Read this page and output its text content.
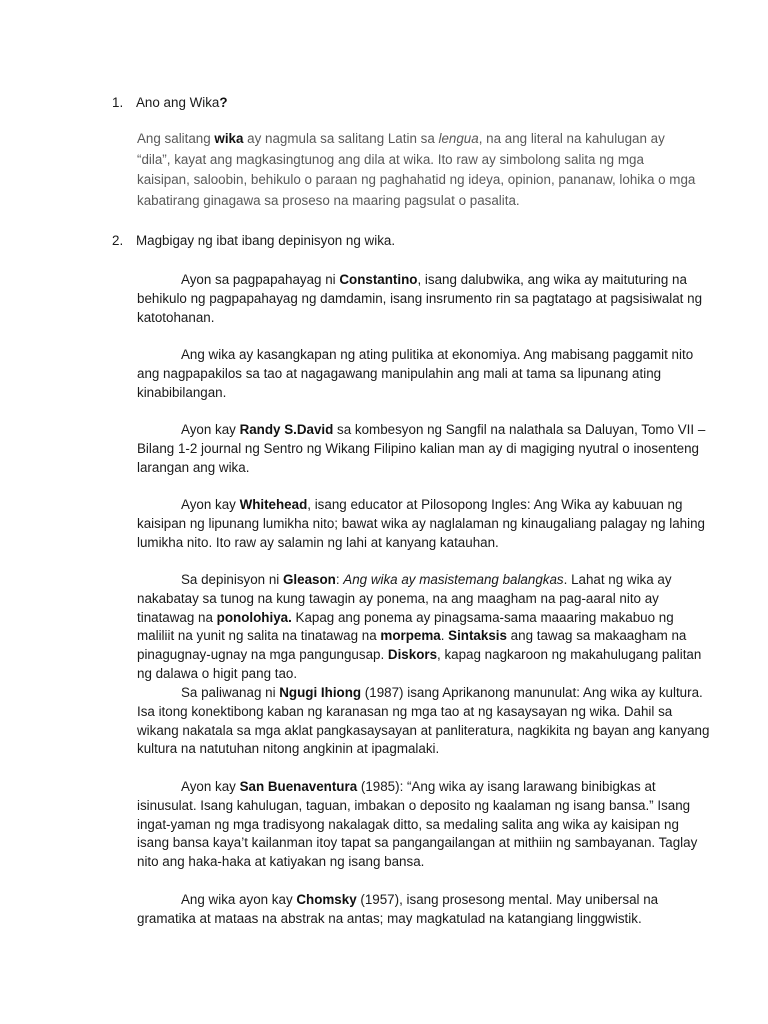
1. Ano ang Wika?
Ang salitang wika ay nagmula sa salitang Latin sa lengua, na ang literal na kahulugan ay “dila”, kayat ang magkasingtunog ang dila at wika. Ito raw ay simbolong salita ng mga kaisipan, saloobin, behikulo o paraan ng paghahatid ng ideya, opinion, pananaw, lohika o mga kabatirang ginagawa sa proseso na maaring pagsulat o pasalita.
2. Magbigay ng ibat ibang depinisyon ng wika.
Ayon sa pagpapahayag ni Constantino, isang dalubwika, ang wika ay maituturing na behikulo ng pagpapahayag ng damdamin, isang insrumento rin sa pagtatago at pagsisiwalat ng katotohanan.
Ang wika ay kasangkapan ng ating pulitika at ekonomiya. Ang mabisang paggamit nito ang nagpapakilos sa tao at nagagawang manipulahin ang mali at tama sa lipunang ating kinabibilangan.
Ayon kay Randy S.David sa kombesyon ng Sangfil na nalathala sa Daluyan, Tomo VII – Bilang 1-2 journal ng Sentro ng Wikang Filipino kalian man ay di magiging nyutral o inosenteng larangan ang wika.
Ayon kay Whitehead, isang educator at Pilosopong Ingles: Ang Wika ay kabuuan ng kaisipan ng lipunang lumikha nito; bawat wika ay naglalaman ng kinaugaliang palagay ng lahing lumikha nito. Ito raw ay salamin ng lahi at kanyang katauhan.
Sa depinisyon ni Gleason: Ang wika ay masistemang balangkas. Lahat ng wika ay nakabatay sa tunog na kung tawagin ay ponema, na ang maagham na pag-aaral nito ay tinatawag na ponolohiya. Kapag ang ponema ay pinagsama-sama maaaring makabuo ng maliliit na yunit ng salita na tinatawag na morpema. Sintaksis ang tawag sa makaagham na pinagugnay-ugnay na mga pangungusap. Diskors, kapag nagkaroon ng makahulugang palitan ng dalawa o higit pang tao.
Sa paliwanag ni Ngugi Ihiong (1987) isang Aprikanong manunulat: Ang wika ay kultura. Isa itong konektibong kaban ng karanasan ng mga tao at ng kasaysayan ng wika. Dahil sa wikang nakatala sa mga aklat pangkasaysayan at panliteratura, nagkikita ng bayan ang kanyang kultura na natutuhan nitong angkinin at ipagmalaki.
Ayon kay San Buenaventura (1985): “Ang wika ay isang larawang binibigkas at isinusulat. Isang kahulugan, taguan, imbakan o deposito ng kaalaman ng isang bansa.” Isang ingat-yaman ng mga tradisyong nakalagak ditto, sa medaling salita ang wika ay kaisipan ng isang bansa kaya’t kailanman itoy tapat sa pangangailangan at mithiin ng sambayanan. Taglay nito ang haka-haka at katiyakan ng isang bansa.
Ang wika ayon kay Chomsky (1957), isang prosesong mental. May unibersal na gramatika at mataas na abstrak na antas; may magkatulad na katangiang linggwistik.
